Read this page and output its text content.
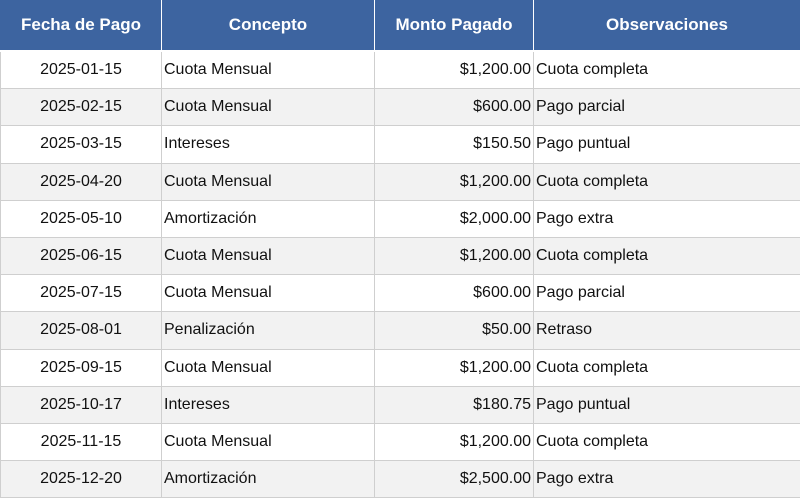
Fecha de Pago	Concepto	Monto Pagado	Observaciones
2025-01-15	Cuota Mensual	$1,200.00	Cuota completa
2025-02-15	Cuota Mensual	$600.00	Pago parcial
2025-03-15	Intereses	$150.50	Pago puntual
2025-04-20	Cuota Mensual	$1,200.00	Cuota completa
2025-05-10	Amortización	$2,000.00	Pago extra
2025-06-15	Cuota Mensual	$1,200.00	Cuota completa
2025-07-15	Cuota Mensual	$600.00	Pago parcial
2025-08-01	Penalización	$50.00	Retraso
2025-09-15	Cuota Mensual	$1,200.00	Cuota completa
2025-10-17	Intereses	$180.75	Pago puntual
2025-11-15	Cuota Mensual	$1,200.00	Cuota completa
2025-12-20	Amortización	$2,500.00	Pago extra
